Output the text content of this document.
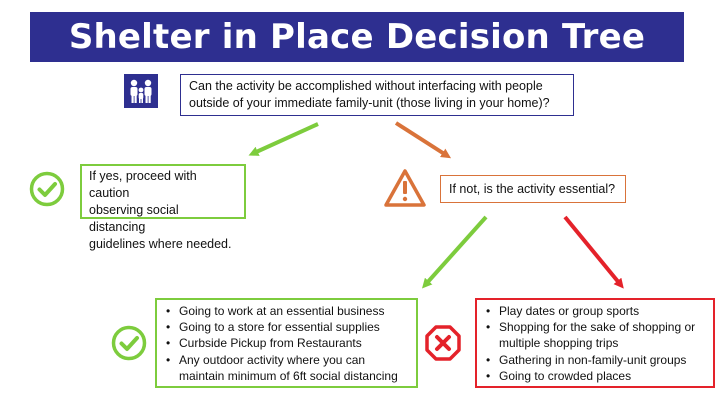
Shelter in Place Decision Tree
Can the activity be accomplished without interfacing with people
outside of your immediate family-unit (those living in your home)?
If yes, proceed with caution
observing social distancing
guidelines where needed.
If not, is the activity essential?
• Going to work at an essential business
• Going to a store for essential supplies
• Curbside Pickup from Restaurants
• Any outdoor activity where you can maintain minimum of 6ft social distancing
• Play dates or group sports
• Shopping for the sake of shopping or
multiple shopping trips
• Gathering in non-family-unit groups
• Going to crowded places
